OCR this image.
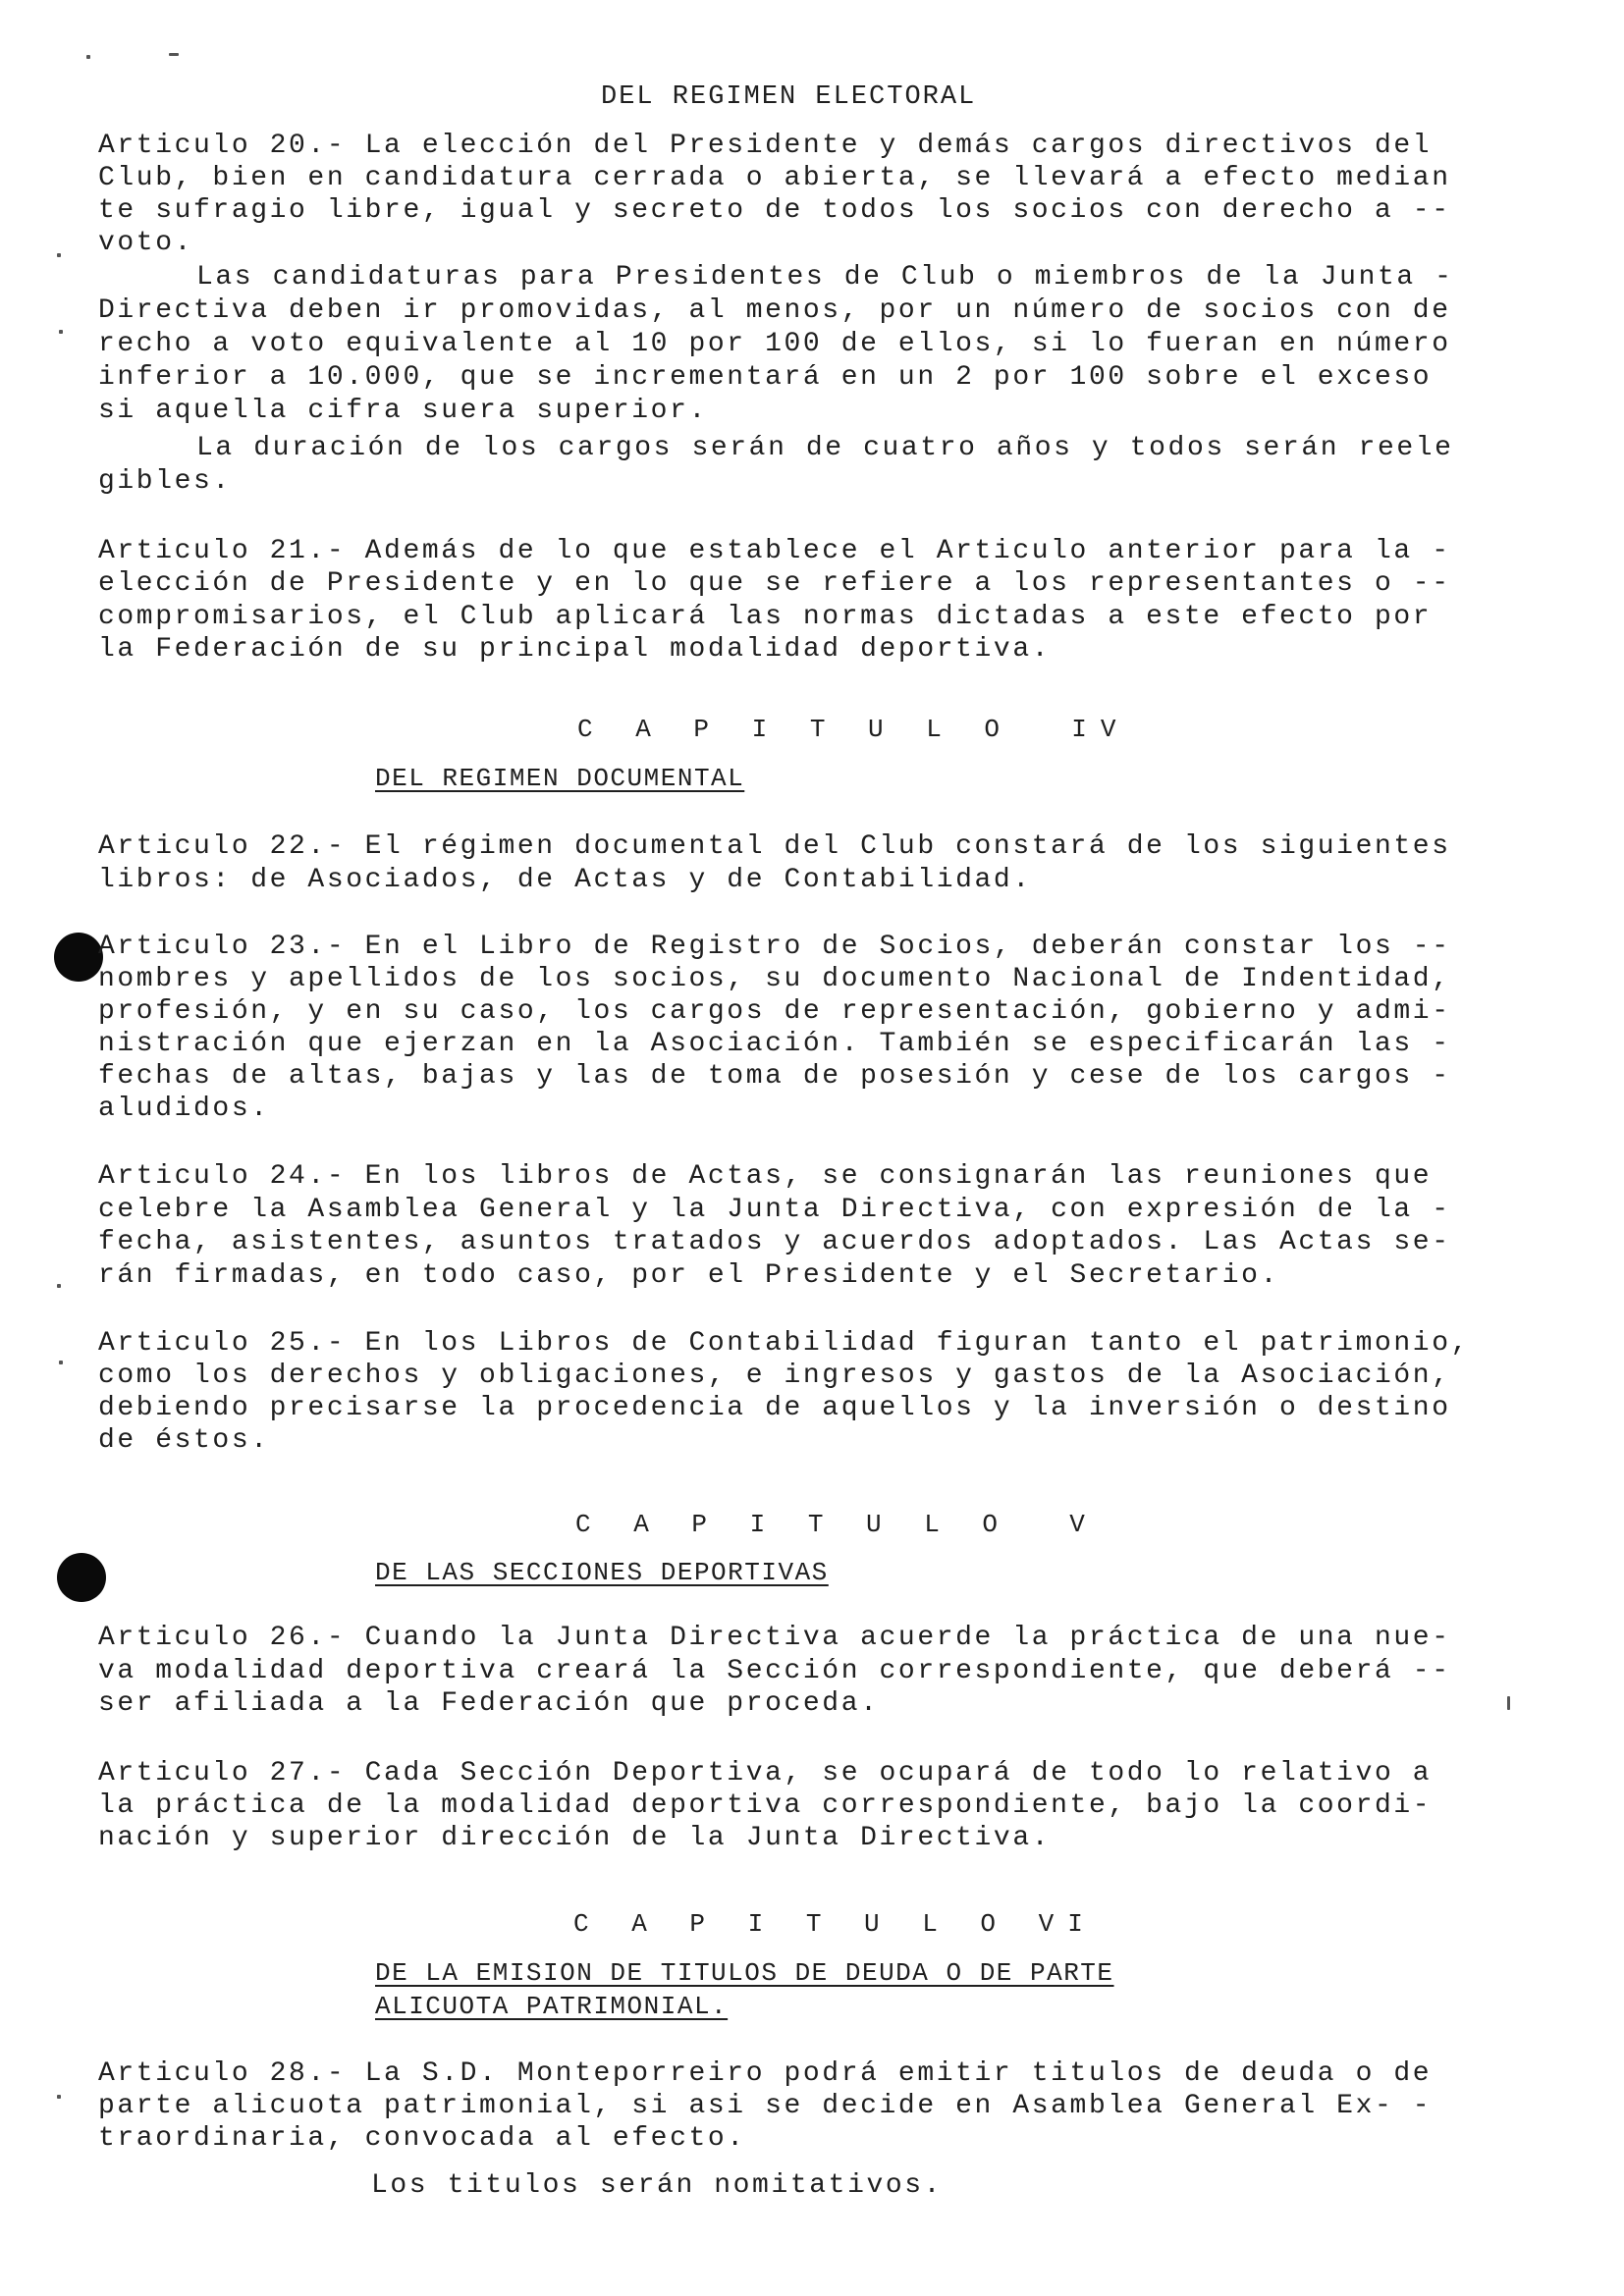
DEL REGIMEN ELECTORAL
Articulo 20.- La elección del Presidente y demás cargos directivos del
Club, bien en candidatura cerrada o abierta, se llevará a efecto median
te sufragio libre, igual y secreto de todos los socios con derecho a --
voto.
Las candidaturas para Presidentes de Club o miembros de la Junta -
Directiva deben ir promovidas, al menos, por un número de socios con de
recho a voto equivalente al 10 por 100 de ellos, si lo fueran en número
inferior a 10.000, que se incrementará en un 2 por 100 sobre el exceso
si aquella cifra suera superior.
La duración de los cargos serán de cuatro años y todos serán reele
gibles.
Articulo 21.- Además de lo que establece el Articulo anterior para la -
elección de Presidente y en lo que se refiere a los representantes o --
compromisarios, el Club aplicará las normas dictadas a este efecto por
la Federación de su principal modalidad deportiva.
C A P I T U L O  IV
DEL REGIMEN DOCUMENTAL
Articulo 22.- El régimen documental del Club constará de los siguientes
libros: de Asociados, de Actas y de Contabilidad.
Articulo 23.- En el Libro de Registro de Socios, deberán constar los --
nombres y apellidos de los socios, su documento Nacional de Indentidad,
profesión, y en su caso, los cargos de representación, gobierno y admi-
nistración que ejerzan en la Asociación. También se especificarán las -
fechas de altas, bajas y las de toma de posesión y cese de los cargos -
aludidos.
Articulo 24.- En los libros de Actas, se consignarán las reuniones que
celebre la Asamblea General y la Junta Directiva, con expresión de la -
fecha, asistentes, asuntos tratados y acuerdos adoptados. Las Actas se-
rán firmadas, en todo caso, por el Presidente y el Secretario.
Articulo 25.- En los Libros de Contabilidad figuran tanto el patrimonio,
como los derechos y obligaciones, e ingresos y gastos de la Asociación,
debiendo precisarse la procedencia de aquellos y la inversión o destino
de éstos.
C A P I T U L O  V
DE LAS SECCIONES DEPORTIVAS
Articulo 26.- Cuando la Junta Directiva acuerde la práctica de una nue-
va modalidad deportiva creará la Sección correspondiente, que deberá --
ser afiliada a la Federación que proceda.
Articulo 27.- Cada Sección Deportiva, se ocupará de todo lo relativo a
la práctica de la modalidad deportiva correspondiente, bajo la coordi-
nación y superior dirección de la Junta Directiva.
C A P I T U L O VI
DE LA EMISION DE TITULOS DE DEUDA O DE PARTE
ALICUOTA PATRIMONIAL.
Articulo 28.- La S.D. Monteporreiro podrá emitir titulos de deuda o de
parte alicuota patrimonial, si asi se decide en Asamblea General Ex- -
traordinaria, convocada al efecto.
Los titulos serán nomitativos.
